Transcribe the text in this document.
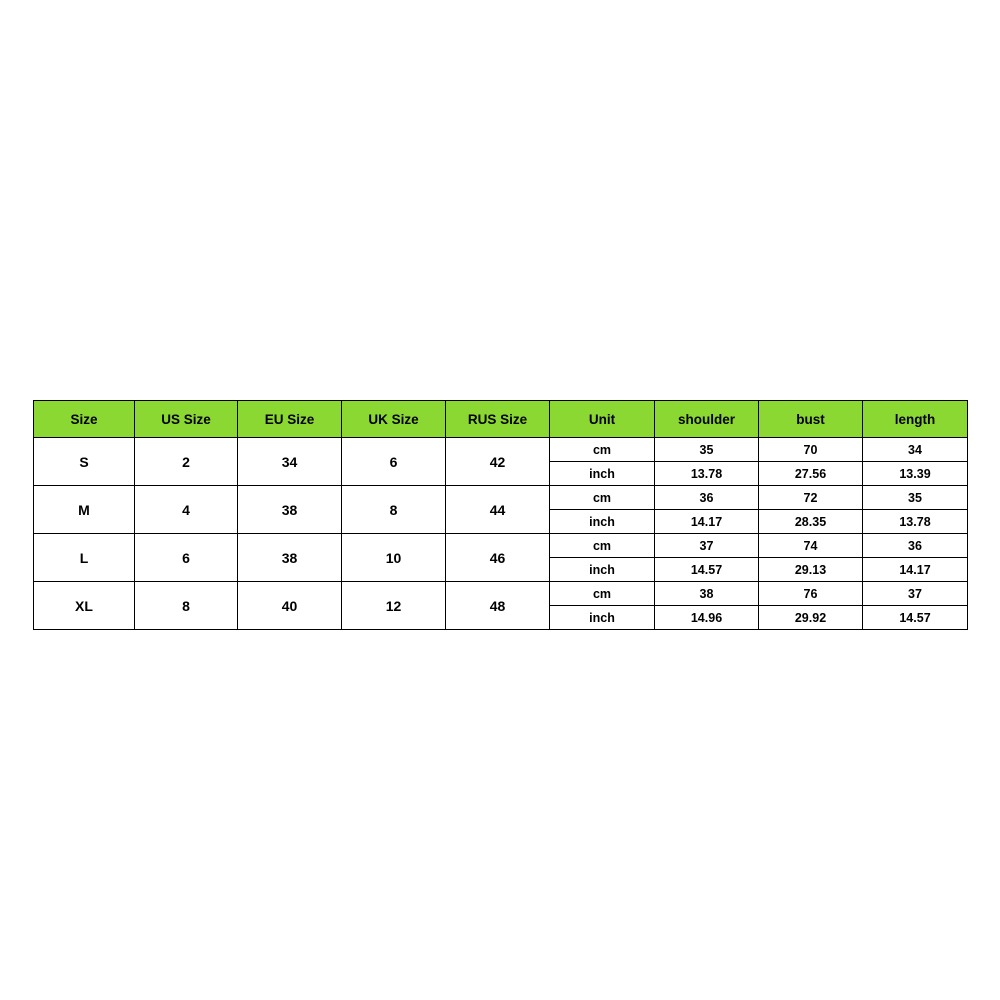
Size	US Size	EU Size	UK Size	RUS Size	Unit	shoulder	bust	length
S	2	34	6	42	cm	35	70	34
					inch	13.78	27.56	13.39
M	4	38	8	44	cm	36	72	35
					inch	14.17	28.35	13.78
L	6	38	10	46	cm	37	74	36
					inch	14.57	29.13	14.17
XL	8	40	12	48	cm	38	76	37
					inch	14.96	29.92	14.57
